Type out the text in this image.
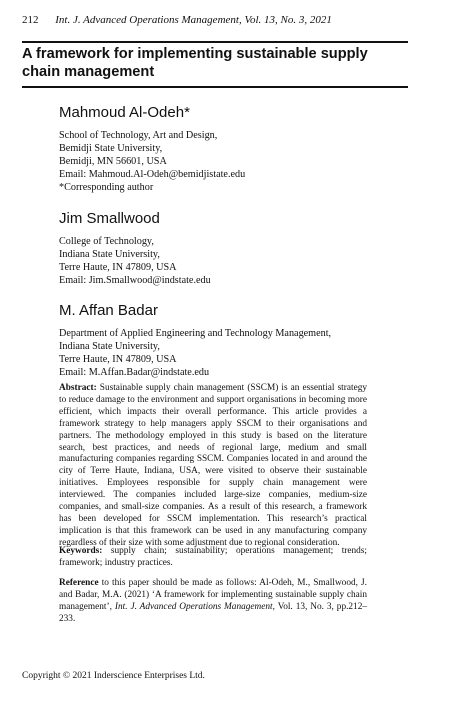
212 Int. J. Advanced Operations Management, Vol. 13, No. 3, 2021
A framework for implementing sustainable supply
chain management
Mahmoud Al-Odeh*
School of Technology, Art and Design,
Bemidji State University,
Bemidji, MN 56601, USA
Email: Mahmoud.Al-Odeh@bemidjistate.edu
*Corresponding author
Jim Smallwood
College of Technology,
Indiana State University,
Terre Haute, IN 47809, USA
Email: Jim.Smallwood@indstate.edu
M. Affan Badar
Department of Applied Engineering and Technology Management,
Indiana State University,
Terre Haute, IN 47809, USA
Email: M.Affan.Badar@indstate.edu
Abstract: Sustainable supply chain management (SSCM) is an essential strategy to reduce damage to the environment and support organisations in becoming more efficient, which impacts their overall performance. This article provides a framework strategy to help managers apply SSCM to their organisations and partners. The methodology employed in this study is based on the literature search, best practices, and needs of regional large, medium and small manufacturing companies regarding SSCM. Companies located in and around the city of Terre Haute, Indiana, USA, were visited to observe their sustainable initiatives. Employees responsible for supply chain management were interviewed. The companies included large-size companies, medium-size companies, and small-size companies. As a result of this research, a framework has been developed for SSCM implementation. This research’s practical implication is that this framework can be used in any manufacturing company regardless of their size with some adjustment due to regional consideration.
Keywords: supply chain; sustainability; operations management; trends; framework; industry practices.
Reference to this paper should be made as follows: Al-Odeh, M., Smallwood, J. and Badar, M.A. (2021) ‘A framework for implementing sustainable supply chain management’, Int. J. Advanced Operations Management, Vol. 13, No. 3, pp.212–233.
Copyright © 2021 Inderscience Enterprises Ltd.
